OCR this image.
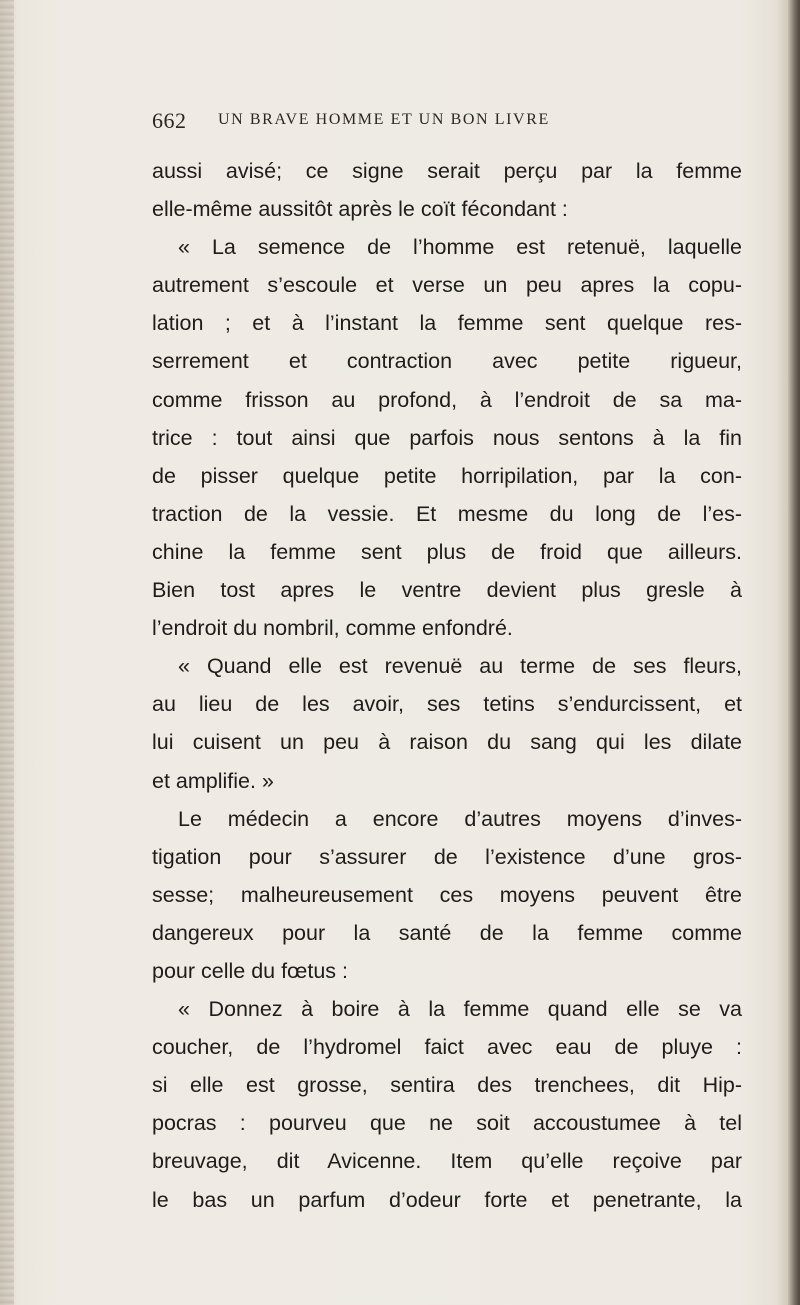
662 UN BRAVE HOMME ET UN BON LIVRE
aussi avisé; ce signe serait perçu par la femme
elle-même aussitôt après le coït fécondant :
« La semence de l’homme est retenuë, laquelle
autrement s’escoule et verse un peu apres la copu-
lation ; et à l’instant la femme sent quelque res-
serrement et contraction avec petite rigueur,
comme frisson au profond, à l’endroit de sa ma-
trice : tout ainsi que parfois nous sentons à la fin
de pisser quelque petite horripilation, par la con-
traction de la vessie. Et mesme du long de l’es-
chine la femme sent plus de froid que ailleurs.
Bien tost apres le ventre devient plus gresle à
l’endroit du nombril, comme enfondré.
« Quand elle est revenuë au terme de ses fleurs,
au lieu de les avoir, ses tetins s’endurcissent, et
lui cuisent un peu à raison du sang qui les dilate
et amplifie. »
Le médecin a encore d’autres moyens d’inves-
tigation pour s’assurer de l’existence d’une gros-
sesse; malheureusement ces moyens peuvent être
dangereux pour la santé de la femme comme
pour celle du fœtus :
« Donnez à boire à la femme quand elle se va
coucher, de l’hydromel faict avec eau de pluye :
si elle est grosse, sentira des trenchees, dit Hip-
pocras : pourveu que ne soit accoustumee à tel
breuvage, dit Avicenne. Item qu’elle reçoive par
le bas un parfum d’odeur forte et penetrante, la
